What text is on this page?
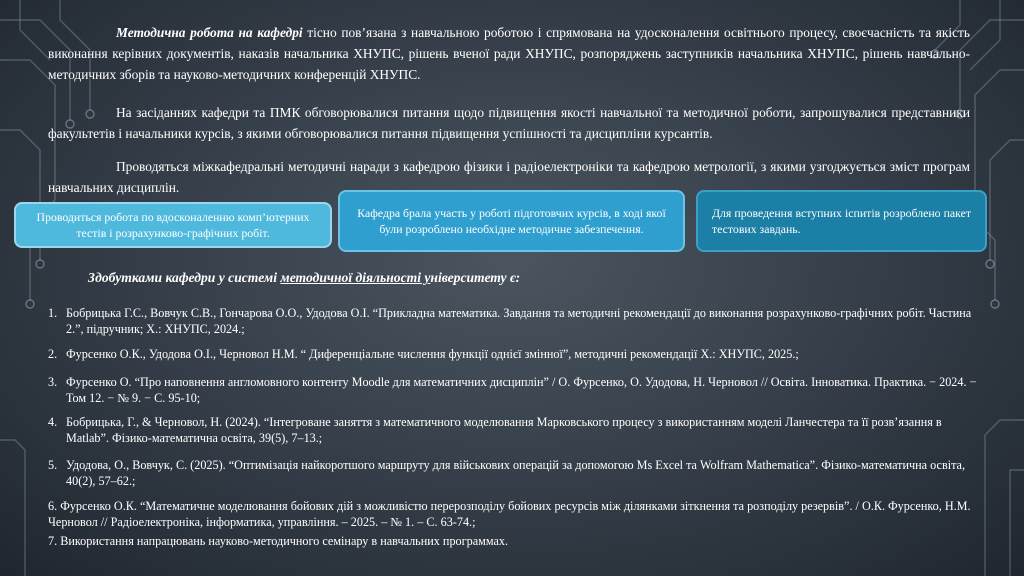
Методична робота на кафедрі тісно пов’язана з навчальною роботою і спрямована на удосконалення освітнього процесу, своєчасність та якість виконання керівних документів, наказів начальника ХНУПС, рішень вченої ради ХНУПС, розпоряджень заступників начальника ХНУПС, рішень навчально-методичних зборів та науково-методичних конференцій ХНУПС.

На засіданнях кафедри та ПМК обговорювалися питання щодо підвищення якості навчальної та методичної роботи, запрошувалися представники факультетів і начальники курсів, з якими обговорювалися питання підвищення успішності та дисципліни курсантів.

Проводяться міжкафедральні методичні наради з кафедрою фізики і радіоелектроніки та кафедрою метрології, з якими узгоджується зміст програм навчальних дисциплін.

Проводиться робота по вдосконаленню комп’ютерних тестів і розрахунково-графічних робіт.
Кафедра брала участь у роботі підготовчих курсів, в ході якої були розроблено необхідне методичне забезпечення.
Для проведення вступних іспитів розроблено пакет тестових завдань.

Здобутками кафедри у системі методичної діяльності університету є:

1. Бобрицька Г.С., Вовчук С.В., Гончарова О.О., Удодова О.І. “Прикладна математика. Завдання та методичні рекомендації до виконання розрахунково-графічних робіт. Частина 2.”, підручник; Х.: ХНУПС, 2024.;
2. Фурсенко О.К., Удодова О.І., Черновол Н.М. “ Диференціальне числення функції однієї змінної”, методичні рекомендації Х.: ХНУПС, 2025.;
3. Фурсенко О. “Про наповнення англомовного контенту Moodle для математичних дисциплін” / О. Фурсенко, О. Удодова, Н. Черновол // Освіта. Інноватика. Практика. − 2024. − Том 12. − № 9. − С. 95-10;
4. Бобрицька, Г., & Черновол, Н. (2024). “Інтегроване заняття з математичного моделювання Марковського процесу з використанням моделі Ланчестера та її розв’язання в Matlab”. Фізико-математична освіта, 39(5), 7–13.;
5. Удодова, О., Вовчук, С. (2025). “Оптимізація найкоротшого маршруту для військових операцій за допомогою Ms Excel та Wolfram Mathematica”. Фізико-математична освіта, 40(2), 57–62.;
6. Фурсенко О.К. “Математичне моделювання бойових дій з можливістю перерозподілу бойових ресурсів між ділянками зіткнення та розподілу резервів”. / О.К. Фурсенко, Н.М. Черновол // Радіоелектроніка, інформатика, управління. – 2025. – № 1. – С. 63-74.;
7. Використання напрацювань науково-методичного семінару в навчальних программах.
